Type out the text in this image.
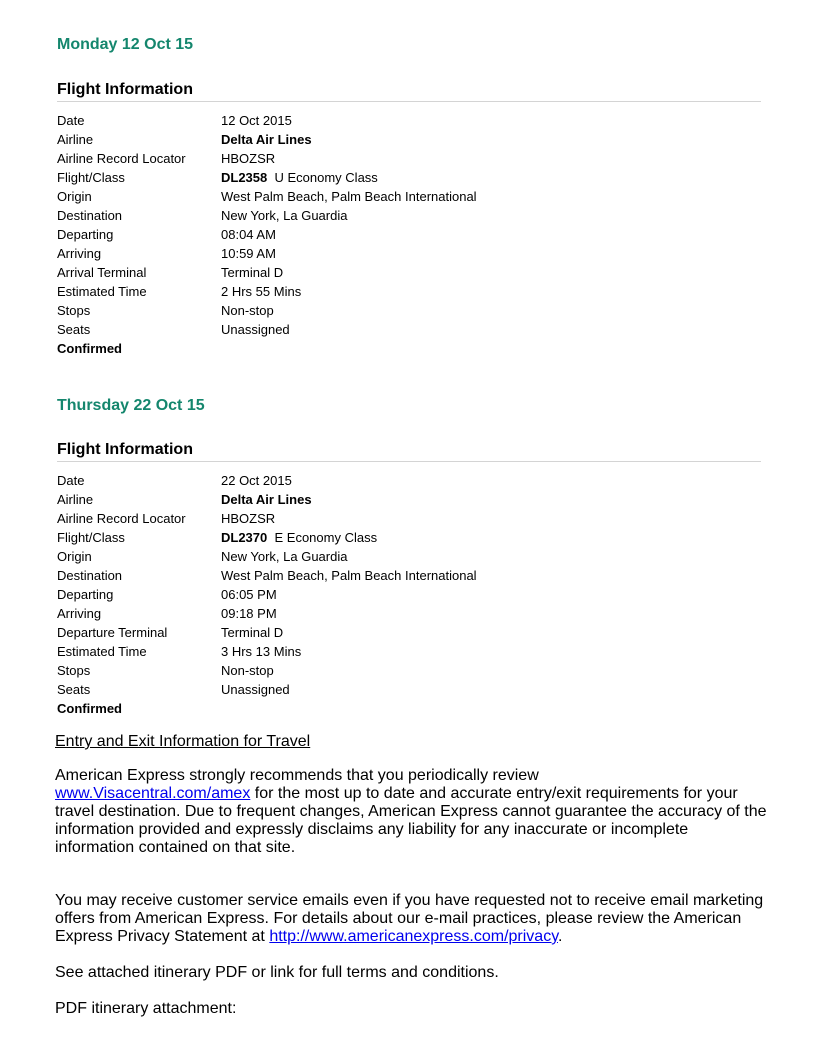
Monday 12 Oct 15
Flight Information
Date	12 Oct 2015
Airline	Delta Air Lines
Airline Record Locator	HBOZSR
Flight/Class	DL2358 U Economy Class
Origin	West Palm Beach, Palm Beach International
Destination	New York, La Guardia
Departing	08:04 AM
Arriving	10:59 AM
Arrival Terminal	Terminal D
Estimated Time	2 Hrs 55 Mins
Stops	Non-stop
Seats	Unassigned
Confirmed
Thursday 22 Oct 15
Flight Information
Date	22 Oct 2015
Airline	Delta Air Lines
Airline Record Locator	HBOZSR
Flight/Class	DL2370 E Economy Class
Origin	New York, La Guardia
Destination	West Palm Beach, Palm Beach International
Departing	06:05 PM
Arriving	09:18 PM
Departure Terminal	Terminal D
Estimated Time	3 Hrs 13 Mins
Stops	Non-stop
Seats	Unassigned
Confirmed
Entry and Exit Information for Travel

American Express strongly recommends that you periodically review
www.Visacentral.com/amex for the most up to date and accurate entry/exit requirements for your travel destination. Due to frequent changes, American Express cannot guarantee the accuracy of the information provided and expressly disclaims any liability for any inaccurate or incomplete information contained on that site.

You may receive customer service emails even if you have requested not to receive email marketing offers from American Express. For details about our e-mail practices, please review the American Express Privacy Statement at http://www.americanexpress.com/privacy.

See attached itinerary PDF or link for full terms and conditions.

PDF itinerary attachment:
